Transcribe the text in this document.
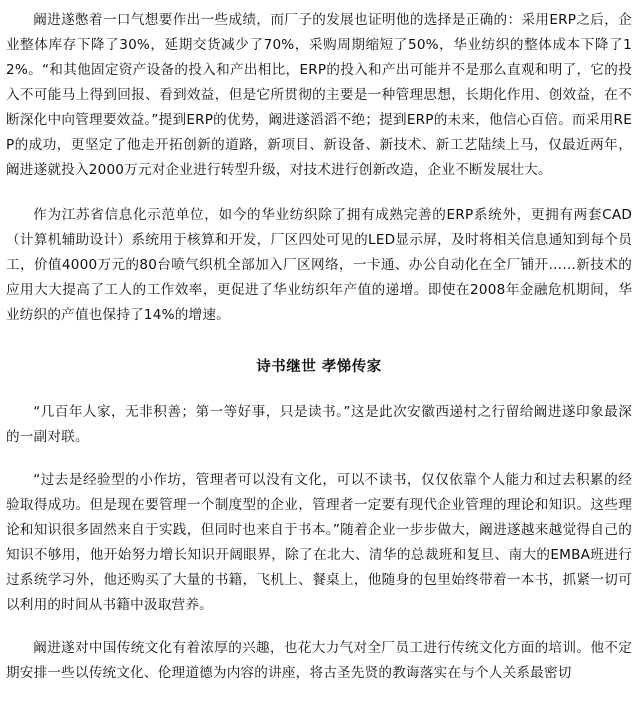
阚进遂憋着一口气想要作出一些成绩，而厂子的发展也证明他的选择是正确的：采用ERP之后，企业整体库存下降了30%，延期交货减少了70%，采购周期缩短了50%，华业纺织的整体成本下降了12%。“和其他固定资产设备的投入和产出相比，ERP的投入和产出可能并不是那么直观和明了，它的投入不可能马上得到回报、看到效益，但是它所贯彻的主要是一种管理思想，长期化作用、创效益，在不断深化中向管理要效益。”提到ERP的优势，阚进遂滔滔不绝；提到ERP的未来，他信心百倍。而采用REP的成功，更坚定了他走开拓创新的道路，新项目、新设备、新技术、新工艺陆续上马，仅最近两年，阚进遂就投入2000万元对企业进行转型升级，对技术进行创新改造，企业不断发展壮大。

作为江苏省信息化示范单位，如今的华业纺织除了拥有成熟完善的ERP系统外，更拥有两套CAD（计算机辅助设计）系统用于核算和开发，厂区四处可见的LED显示屏，及时将相关信息通知到每个员工，价值4000万元的80台喷气织机全部加入厂区网络，一卡通、办公自动化在全厂铺开……新技术的应用大大提高了工人的工作效率，更促进了华业纺织年产值的递增。即使在2008年金融危机期间，华业纺织的产值也保持了14%的增速。

诗书继世 孝悌传家

“几百年人家，无非积善；第一等好事，只是读书。”这是此次安徽西递村之行留给阚进遂印象最深的一副对联。

“过去是经验型的小作坊，管理者可以没有文化，可以不读书，仅仅依靠个人能力和过去积累的经验取得成功。但是现在要管理一个制度型的企业，管理者一定要有现代企业管理的理论和知识。这些理论和知识很多固然来自于实践，但同时也来自于书本。”随着企业一步步做大，阚进遂越来越觉得自己的知识不够用，他开始努力增长知识开阔眼界，除了在北大、清华的总裁班和复旦、南大的EMBA班进行过系统学习外，他还购买了大量的书籍，飞机上、餐桌上，他随身的包里始终带着一本书，抓紧一切可以利用的时间从书籍中汲取营养。

阚进遂对中国传统文化有着浓厚的兴趣，也花大力气对全厂员工进行传统文化方面的培训。他不定期安排一些以传统文化、伦理道德为内容的讲座，将古圣先贤的教诲落实在与个人关系最密切
